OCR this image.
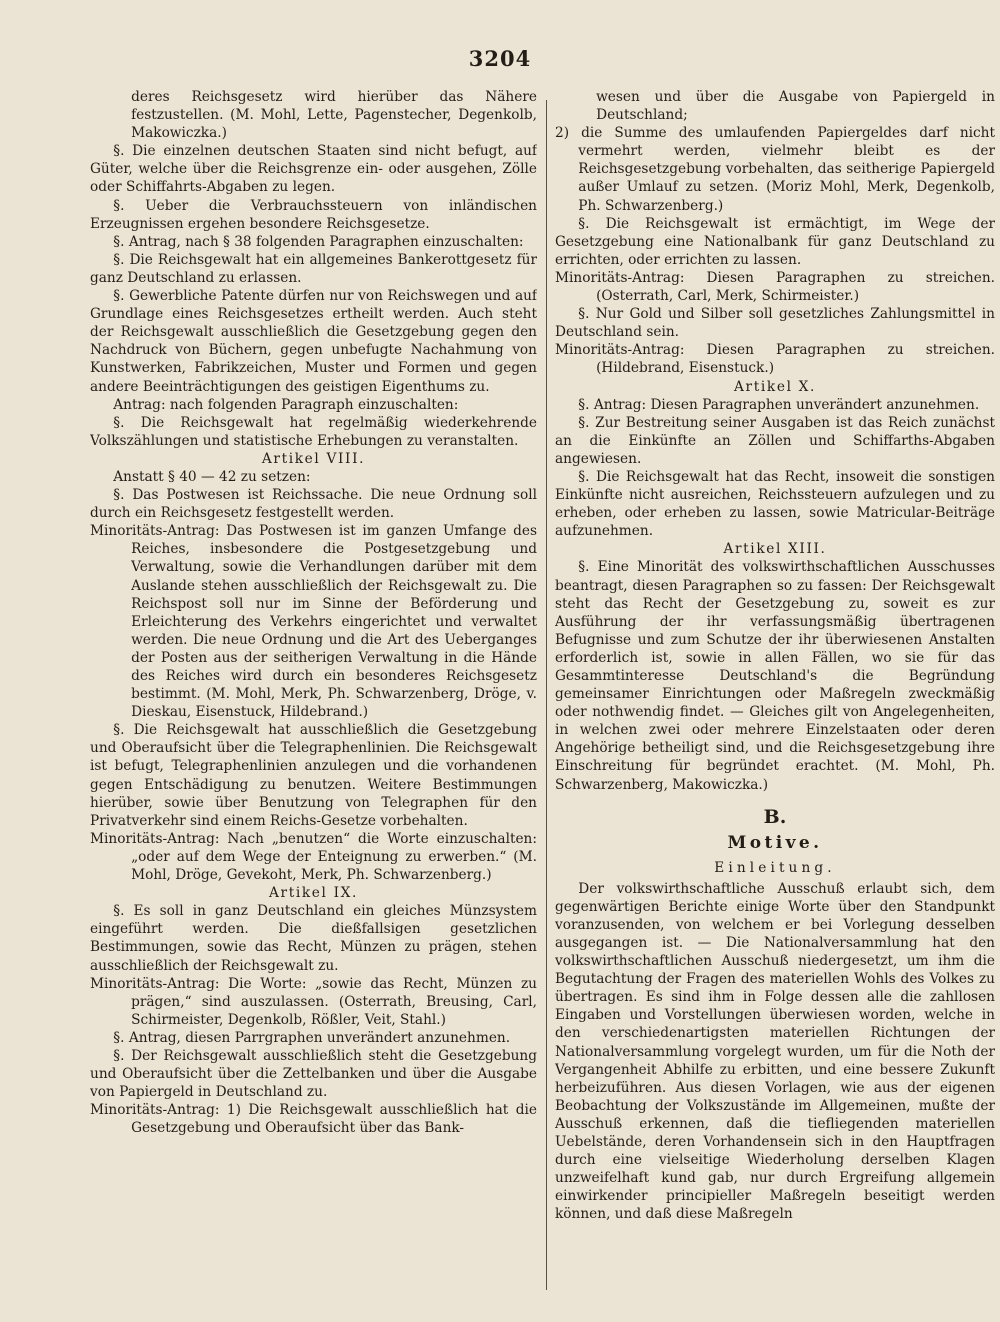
3204

deres Reichsgesetz wird hierüber das Nähere festzustellen. (M. Mohl, Lette, Pagenstecher, Degenkolb, Makowiczka.)

§. Die einzelnen deutschen Staaten sind nicht befugt, auf Güter, welche über die Reichsgrenze ein- oder ausgehen, Zölle oder Schiffahrts-Abgaben zu legen.

§. Ueber die Verbrauchssteuern von inländischen Erzeugnissen ergehen besondere Reichsgesetze.

§. Antrag, nach § 38 folgenden Paragraphen einzuschalten:

§. Die Reichsgewalt hat ein allgemeines Bankerottgesetz für ganz Deutschland zu erlassen.

§. Gewerbliche Patente dürfen nur von Reichswegen und auf Grundlage eines Reichsgesetzes ertheilt werden. Auch steht der Reichsgewalt ausschließlich die Gesetzgebung gegen den Nachdruck von Büchern, gegen unbefugte Nachahmung von Kunstwerken, Fabrikzeichen, Muster und Formen und gegen andere Beeinträchtigungen des geistigen Eigenthums zu.

Antrag: nach folgenden Paragraph einzuschalten:

§. Die Reichsgewalt hat regelmäßig wiederkehrende Volkszählungen und statistische Erhebungen zu veranstalten.

Artikel VIII.

Anstatt § 40 — 42 zu setzen:

§. Das Postwesen ist Reichssache. Die neue Ordnung soll durch ein Reichsgesetz festgestellt werden.

Minoritäts-Antrag: Das Postwesen ist im ganzen Umfange des Reiches, insbesondere die Postgesetzgebung und Verwaltung, sowie die Verhandlungen darüber mit dem Auslande stehen ausschließlich der Reichsgewalt zu. Die Reichspost soll nur im Sinne der Beförderung und Erleichterung des Verkehrs eingerichtet und verwaltet werden. Die neue Ordnung und die Art des Ueberganges der Posten aus der seitherigen Verwaltung in die Hände des Reiches wird durch ein besonderes Reichsgesetz bestimmt. (M. Mohl, Merk, Ph. Schwarzenberg, Dröge, v. Dieskau, Eisenstuck, Hildebrand.)

§. Die Reichsgewalt hat ausschließlich die Gesetzgebung und Oberaufsicht über die Telegraphenlinien. Die Reichsgewalt ist befugt, Telegraphenlinien anzulegen und die vorhandenen gegen Entschädigung zu benutzen. Weitere Bestimmungen hierüber, sowie über Benutzung von Telegraphen für den Privatverkehr sind einem Reichs-Gesetze vorbehalten.

Minoritäts-Antrag: Nach „benutzen“ die Worte einzuschalten: „oder auf dem Wege der Enteignung zu erwerben.“ (M. Mohl, Dröge, Gevekoht, Merk, Ph. Schwarzenberg.)

Artikel IX.

§. Es soll in ganz Deutschland ein gleiches Münzsystem eingeführt werden. Die dießfallsigen gesetzlichen Bestimmungen, sowie das Recht, Münzen zu prägen, stehen ausschließlich der Reichsgewalt zu.

Minoritäts-Antrag: Die Worte: „sowie das Recht, Münzen zu prägen,“ sind auszulassen. (Osterrath, Breusing, Carl, Schirmeister, Degenkolb, Rößler, Veit, Stahl.)

§. Antrag, diesen Parrgraphen unverändert anzunehmen.

§. Der Reichsgewalt ausschließlich steht die Gesetzgebung und Oberaufsicht über die Zettelbanken und über die Ausgabe von Papiergeld in Deutschland zu.

Minoritäts-Antrag: 1) Die Reichsgewalt ausschließlich hat die Gesetzgebung und Oberaufsicht über das Bank-

wesen und über die Ausgabe von Papiergeld in Deutschland;

2) die Summe des umlaufenden Papiergeldes darf nicht vermehrt werden, vielmehr bleibt es der Reichsgesetzgebung vorbehalten, das seitherige Papiergeld außer Umlauf zu setzen. (Moriz Mohl, Merk, Degenkolb, Ph. Schwarzenberg.)

§. Die Reichsgewalt ist ermächtigt, im Wege der Gesetzgebung eine Nationalbank für ganz Deutschland zu errichten, oder errichten zu lassen.

Minoritäts-Antrag: Diesen Paragraphen zu streichen. (Osterrath, Carl, Merk, Schirmeister.)

§. Nur Gold und Silber soll gesetzliches Zahlungsmittel in Deutschland sein.

Minoritäts-Antrag: Diesen Paragraphen zu streichen. (Hildebrand, Eisenstuck.)

Artikel X.

§. Antrag: Diesen Paragraphen unverändert anzunehmen.

§. Zur Bestreitung seiner Ausgaben ist das Reich zunächst an die Einkünfte an Zöllen und Schiffarths-Abgaben angewiesen.

§. Die Reichsgewalt hat das Recht, insoweit die sonstigen Einkünfte nicht ausreichen, Reichssteuern aufzulegen und zu erheben, oder erheben zu lassen, sowie Matricular-Beiträge aufzunehmen.

Artikel XIII.

§. Eine Minorität des volkswirthschaftlichen Ausschusses beantragt, diesen Paragraphen so zu fassen: Der Reichsgewalt steht das Recht der Gesetzgebung zu, soweit es zur Ausführung der ihr verfassungsmäßig übertragenen Befugnisse und zum Schutze der ihr überwiesenen Anstalten erforderlich ist, sowie in allen Fällen, wo sie für das Gesammtinteresse Deutschland's die Begründung gemeinsamer Einrichtungen oder Maßregeln zweckmäßig oder nothwendig findet. — Gleiches gilt von Angelegenheiten, in welchen zwei oder mehrere Einzelstaaten oder deren Angehörige betheiligt sind, und die Reichsgesetzgebung ihre Einschreitung für begründet erachtet. (M. Mohl, Ph. Schwarzenberg, Makowiczka.)

B.
Motive.
Einleitung.

Der volkswirthschaftliche Ausschuß erlaubt sich, dem gegenwärtigen Berichte einige Worte über den Standpunkt voranzusenden, von welchem er bei Vorlegung desselben ausgegangen ist. — Die Nationalversammlung hat den volkswirthschaftlichen Ausschuß niedergesetzt, um ihm die Begutachtung der Fragen des materiellen Wohls des Volkes zu übertragen. Es sind ihm in Folge dessen alle die zahllosen Eingaben und Vorstellungen überwiesen worden, welche in den verschiedenartigsten materiellen Richtungen der Nationalversammlung vorgelegt wurden, um für die Noth der Vergangenheit Abhilfe zu erbitten, und eine bessere Zukunft herbeizuführen. Aus diesen Vorlagen, wie aus der eigenen Beobachtung der Volkszustände im Allgemeinen, mußte der Ausschuß erkennen, daß die tiefliegenden materiellen Uebelstände, deren Vorhandensein sich in den Hauptfragen durch eine vielseitige Wiederholung derselben Klagen unzweifelhaft kund gab, nur durch Ergreifung allgemein einwirkender principieller Maßregeln beseitigt werden können, und daß diese Maßregeln
